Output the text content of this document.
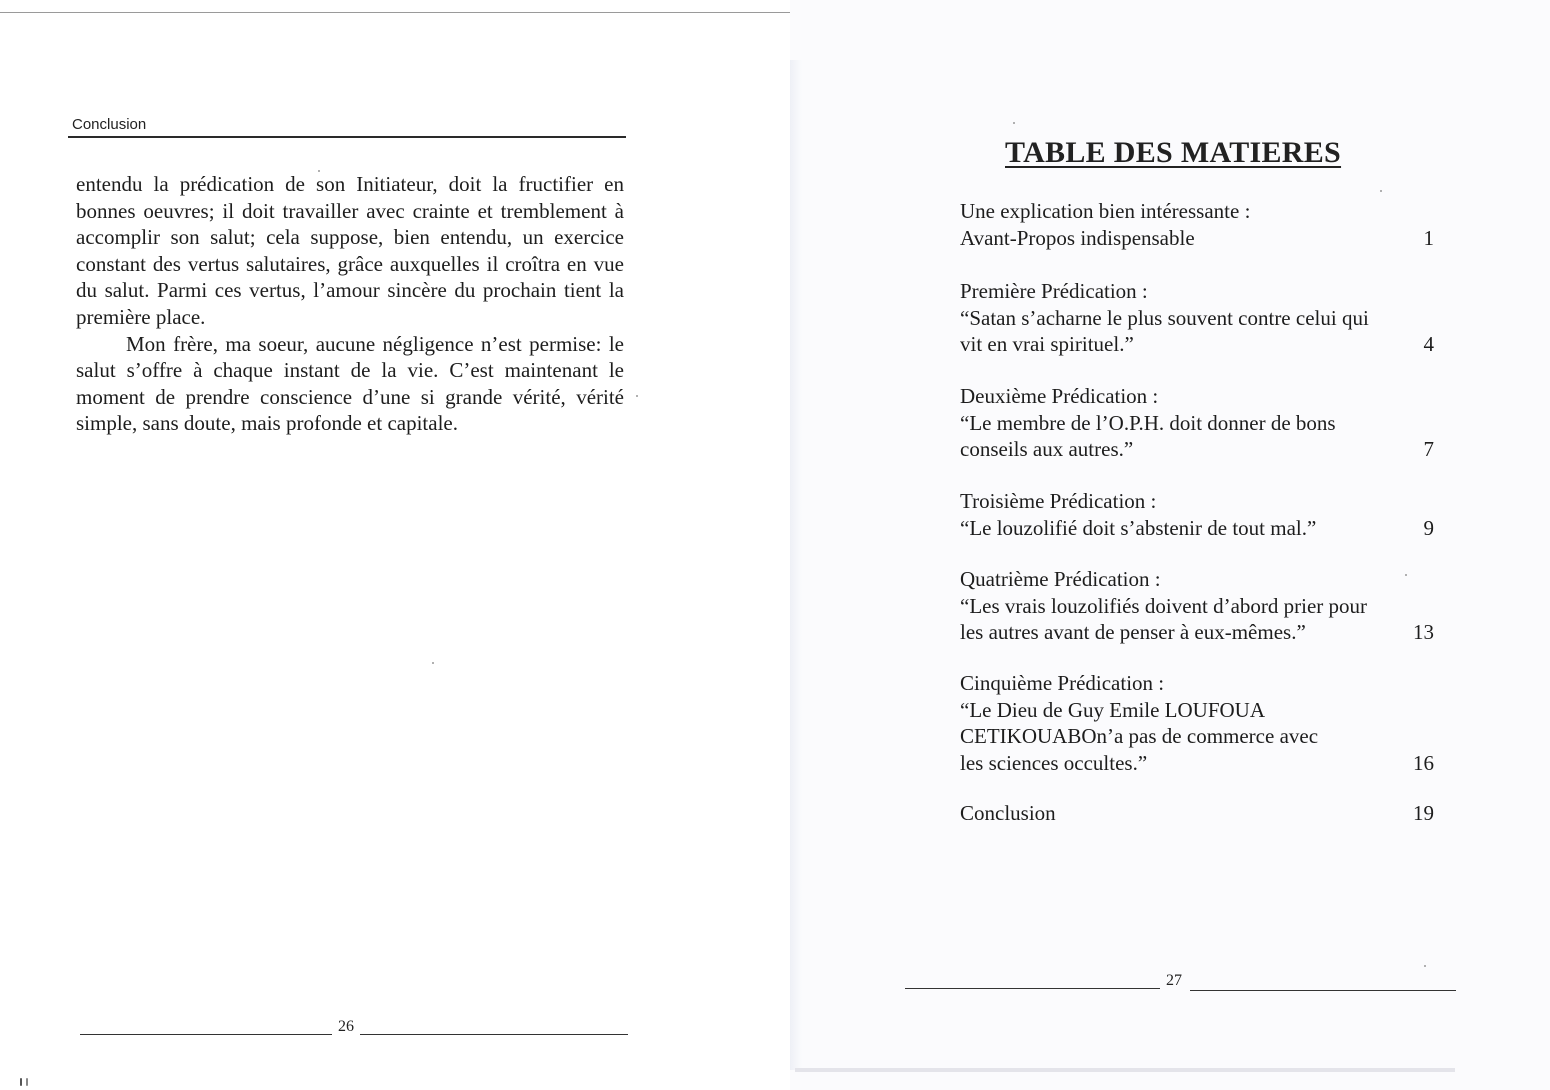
Conclusion

entendu la prédication de son Initiateur, doit la fructifier en bonnes oeuvres; il doit travailler avec crainte et tremblement à accomplir son salut; cela suppose, bien entendu, un exercice constant des vertus salutaires, grâce auxquelles il croîtra en vue du salut. Parmi ces vertus, l’amour sincère du prochain tient la première place.

Mon frère, ma soeur, aucune négligence n’est permise: le salut s’offre à chaque instant de la vie. C’est maintenant le moment de prendre conscience d’une si grande vérité, vérité simple, sans doute, mais profonde et capitale.

26
TABLE DES MATIERES
Une explication bien intéressante :
Avant-Propos indispensable	1
Première Prédication :
“Satan s’acharne le plus souvent contre celui qui
vit en vrai spirituel.”	4
Deuxième Prédication :
“Le membre de l’O.P.H. doit donner de bons
conseils aux autres.”	7
Troisième Prédication :
“Le louzolifié doit s’abstenir de tout mal.”	9
Quatrième Prédication :
“Les vrais louzolifiés doivent d’abord prier pour
les autres avant de penser à eux-mêmes.”	13
Cinquième Prédication :
“Le Dieu de Guy Emile LOUFOUA
CETIKOUABOn’a pas de commerce avec
les sciences occultes.”	16
Conclusion	19
27
